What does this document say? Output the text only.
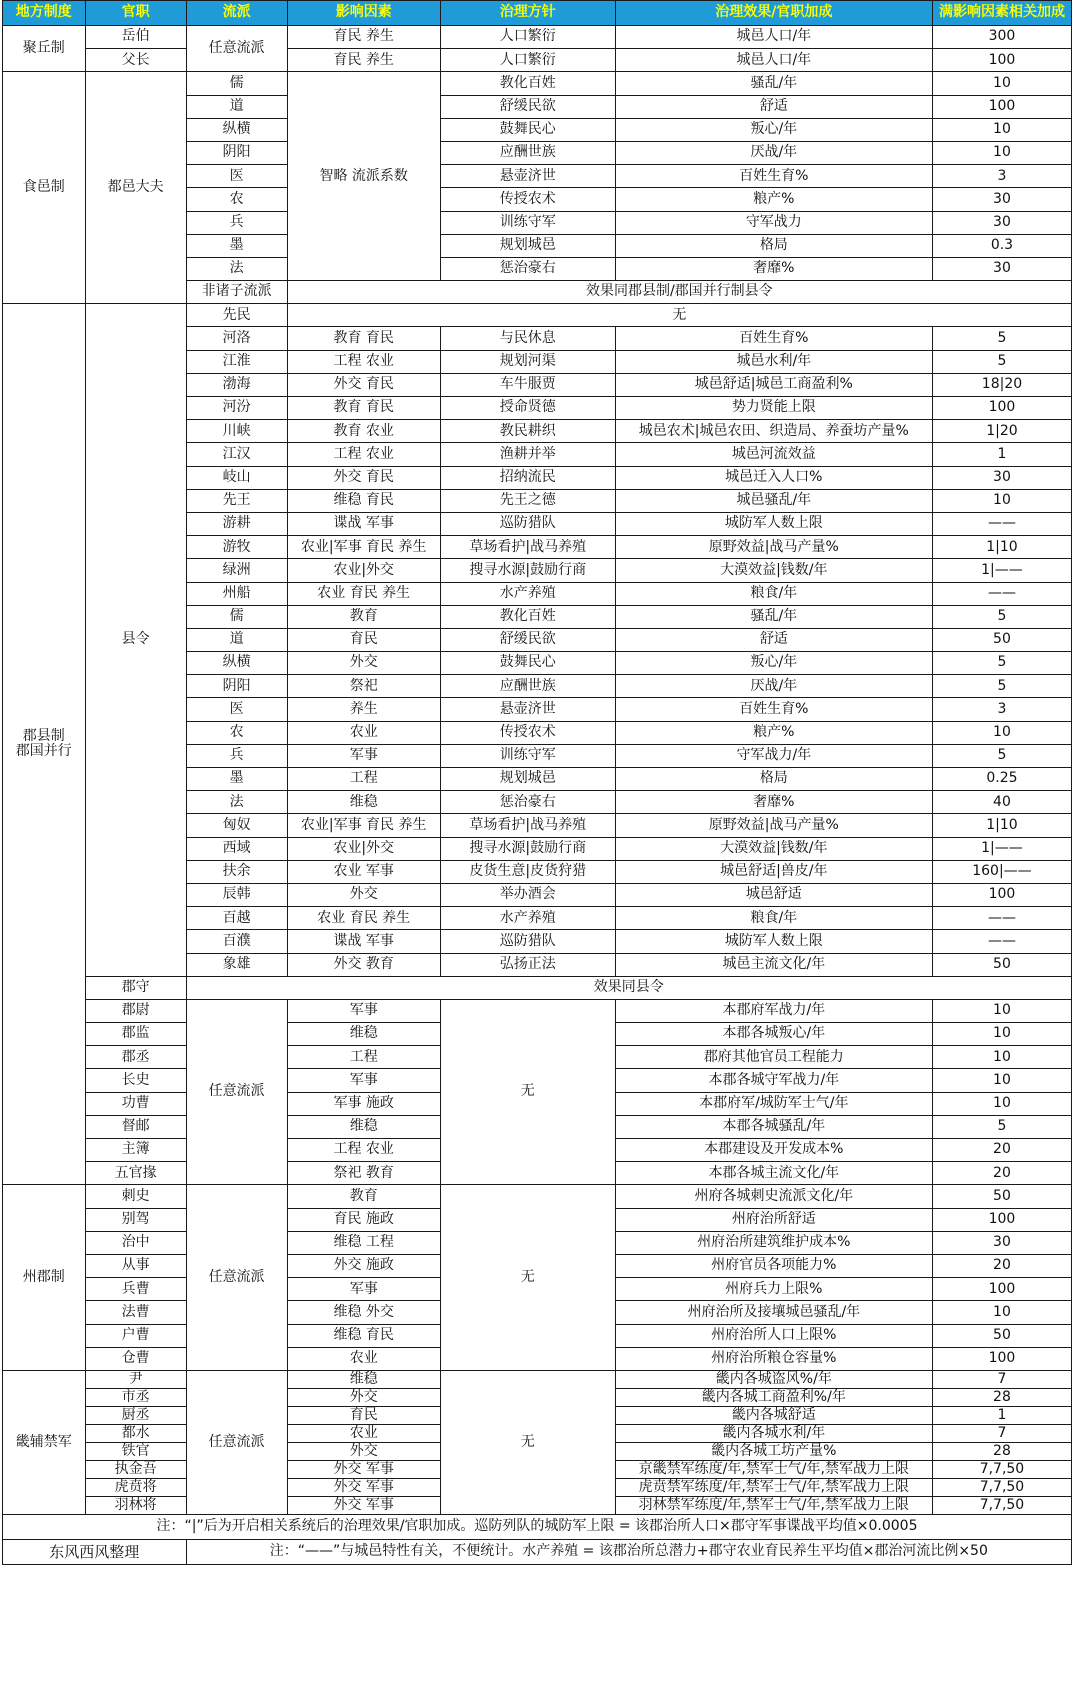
地方制度	官职	流派	影响因素	治理方针	治理效果/官职加成	满影响因素相关加成
聚丘制	岳伯	任意流派	育民 养生	人口繁衍	城邑人口/年	300
	父长		育民 养生	人口繁衍	城邑人口/年	100
食邑制	都邑大夫	儒	智略 流派系数	教化百姓	骚乱/年	10
		道		舒缓民欲	舒适	100
		纵横		鼓舞民心	叛心/年	10
		阴阳		应酬世族	厌战/年	10
		医		悬壶济世	百姓生育%	3
		农		传授农术	粮产%	30
		兵		训练守军	守军战力	30
		墨		规划城邑	格局	0.3
		法		惩治豪右	奢靡%	30
		非诸子流派	效果同郡县制/郡国并行制县令			
郡县制
郡国并行	县令	先民	无			
		河洛	教育 育民	与民休息	百姓生育%	5
		江淮	工程 农业	规划河渠	城邑水利/年	5
		渤海	外交 育民	车牛服贾	城邑舒适|城邑工商盈利%	18|20
		河汾	教育 育民	授命贤德	势力贤能上限	100
		川峡	教育 农业	教民耕织	城邑农术|城邑农田、织造局、养蚕坊产量%	1|20
		江汉	工程 农业	渔耕并举	城邑河流效益	1
		岐山	外交 育民	招纳流民	城邑迁入人口%	30
		先王	维稳 育民	先王之德	城邑骚乱/年	10
		游耕	谍战 军事	巡防猎队	城防军人数上限	——
		游牧	农业|军事 育民 养生	草场看护|战马养殖	原野效益|战马产量%	1|10
		绿洲	农业|外交	搜寻水源|鼓励行商	大漠效益|钱数/年	1|——
		州船	农业 育民 养生	水产养殖	粮食/年	——
		儒	教育	教化百姓	骚乱/年	5
		道	育民	舒缓民欲	舒适	50
		纵横	外交	鼓舞民心	叛心/年	5
		阴阳	祭祀	应酬世族	厌战/年	5
		医	养生	悬壶济世	百姓生育%	3
		农	农业	传授农术	粮产%	10
		兵	军事	训练守军	守军战力/年	5
		墨	工程	规划城邑	格局	0.25
		法	维稳	惩治豪右	奢靡%	40
		匈奴	农业|军事 育民 养生	草场看护|战马养殖	原野效益|战马产量%	1|10
		西域	农业|外交	搜寻水源|鼓励行商	大漠效益|钱数/年	1|——
		扶余	农业 军事	皮货生意|皮货狩猎	城邑舒适|兽皮/年	160|——
		辰韩	外交	举办酒会	城邑舒适	100
		百越	农业 育民 养生	水产养殖	粮食/年	——
		百濮	谍战 军事	巡防猎队	城防军人数上限	——
		象雄	外交 教育	弘扬正法	城邑主流文化/年	50
	郡守	效果同县令				
	郡尉	任意流派	军事	无	本郡府军战力/年	10
	郡监		维稳		本郡各城叛心/年	10
	郡丞		工程		郡府其他官员工程能力	10
	长史		军事		本郡各城守军战力/年	10
	功曹		军事 施政		本郡府军/城防军士气/年	10
	督邮		维稳		本郡各城骚乱/年	5
	主簿		工程 农业		本郡建设及开发成本%	20
	五官掾		祭祀 教育		本郡各城主流文化/年	20
州郡制	刺史	任意流派	教育	无	州府各城刺史流派文化/年	50
	别驾		育民 施政		州府治所舒适	100
	治中		维稳 工程		州府治所建筑维护成本%	30
	从事		外交 施政		州府官员各项能力%	20
	兵曹		军事		州府兵力上限%	100
	法曹		维稳 外交		州府治所及接壤城邑骚乱/年	10
	户曹		维稳 育民		州府治所人口上限%	50
	仓曹		农业		州府治所粮仓容量%	100
畿辅禁军	尹	任意流派	维稳	无	畿内各城盗风%/年	7
	市丞		外交		畿内各城工商盈利%/年	28
	厨丞		育民		畿内各城舒适	1
	都水		农业		畿内各城水利/年	7
	铁官		外交		畿内各城工坊产量%	28
	执金吾		外交 军事		京畿禁军练度/年,禁军士气/年,禁军战力上限	7,7,50
	虎贲将		外交 军事		虎贲禁军练度/年,禁军士气/年,禁军战力上限	7,7,50
	羽林将		外交 军事		羽林禁军练度/年,禁军士气/年,禁军战力上限	7,7,50
注：“|”后为开启相关系统后的治理效果/官职加成。巡防列队的城防军上限 = 该郡治所人口×郡守军事谍战平均值×0.0005						
东风西风整理		注：“——”与城邑特性有关，不便统计。水产养殖 = 该郡治所总潜力+郡守农业育民养生平均值×郡治河流比例×50				
